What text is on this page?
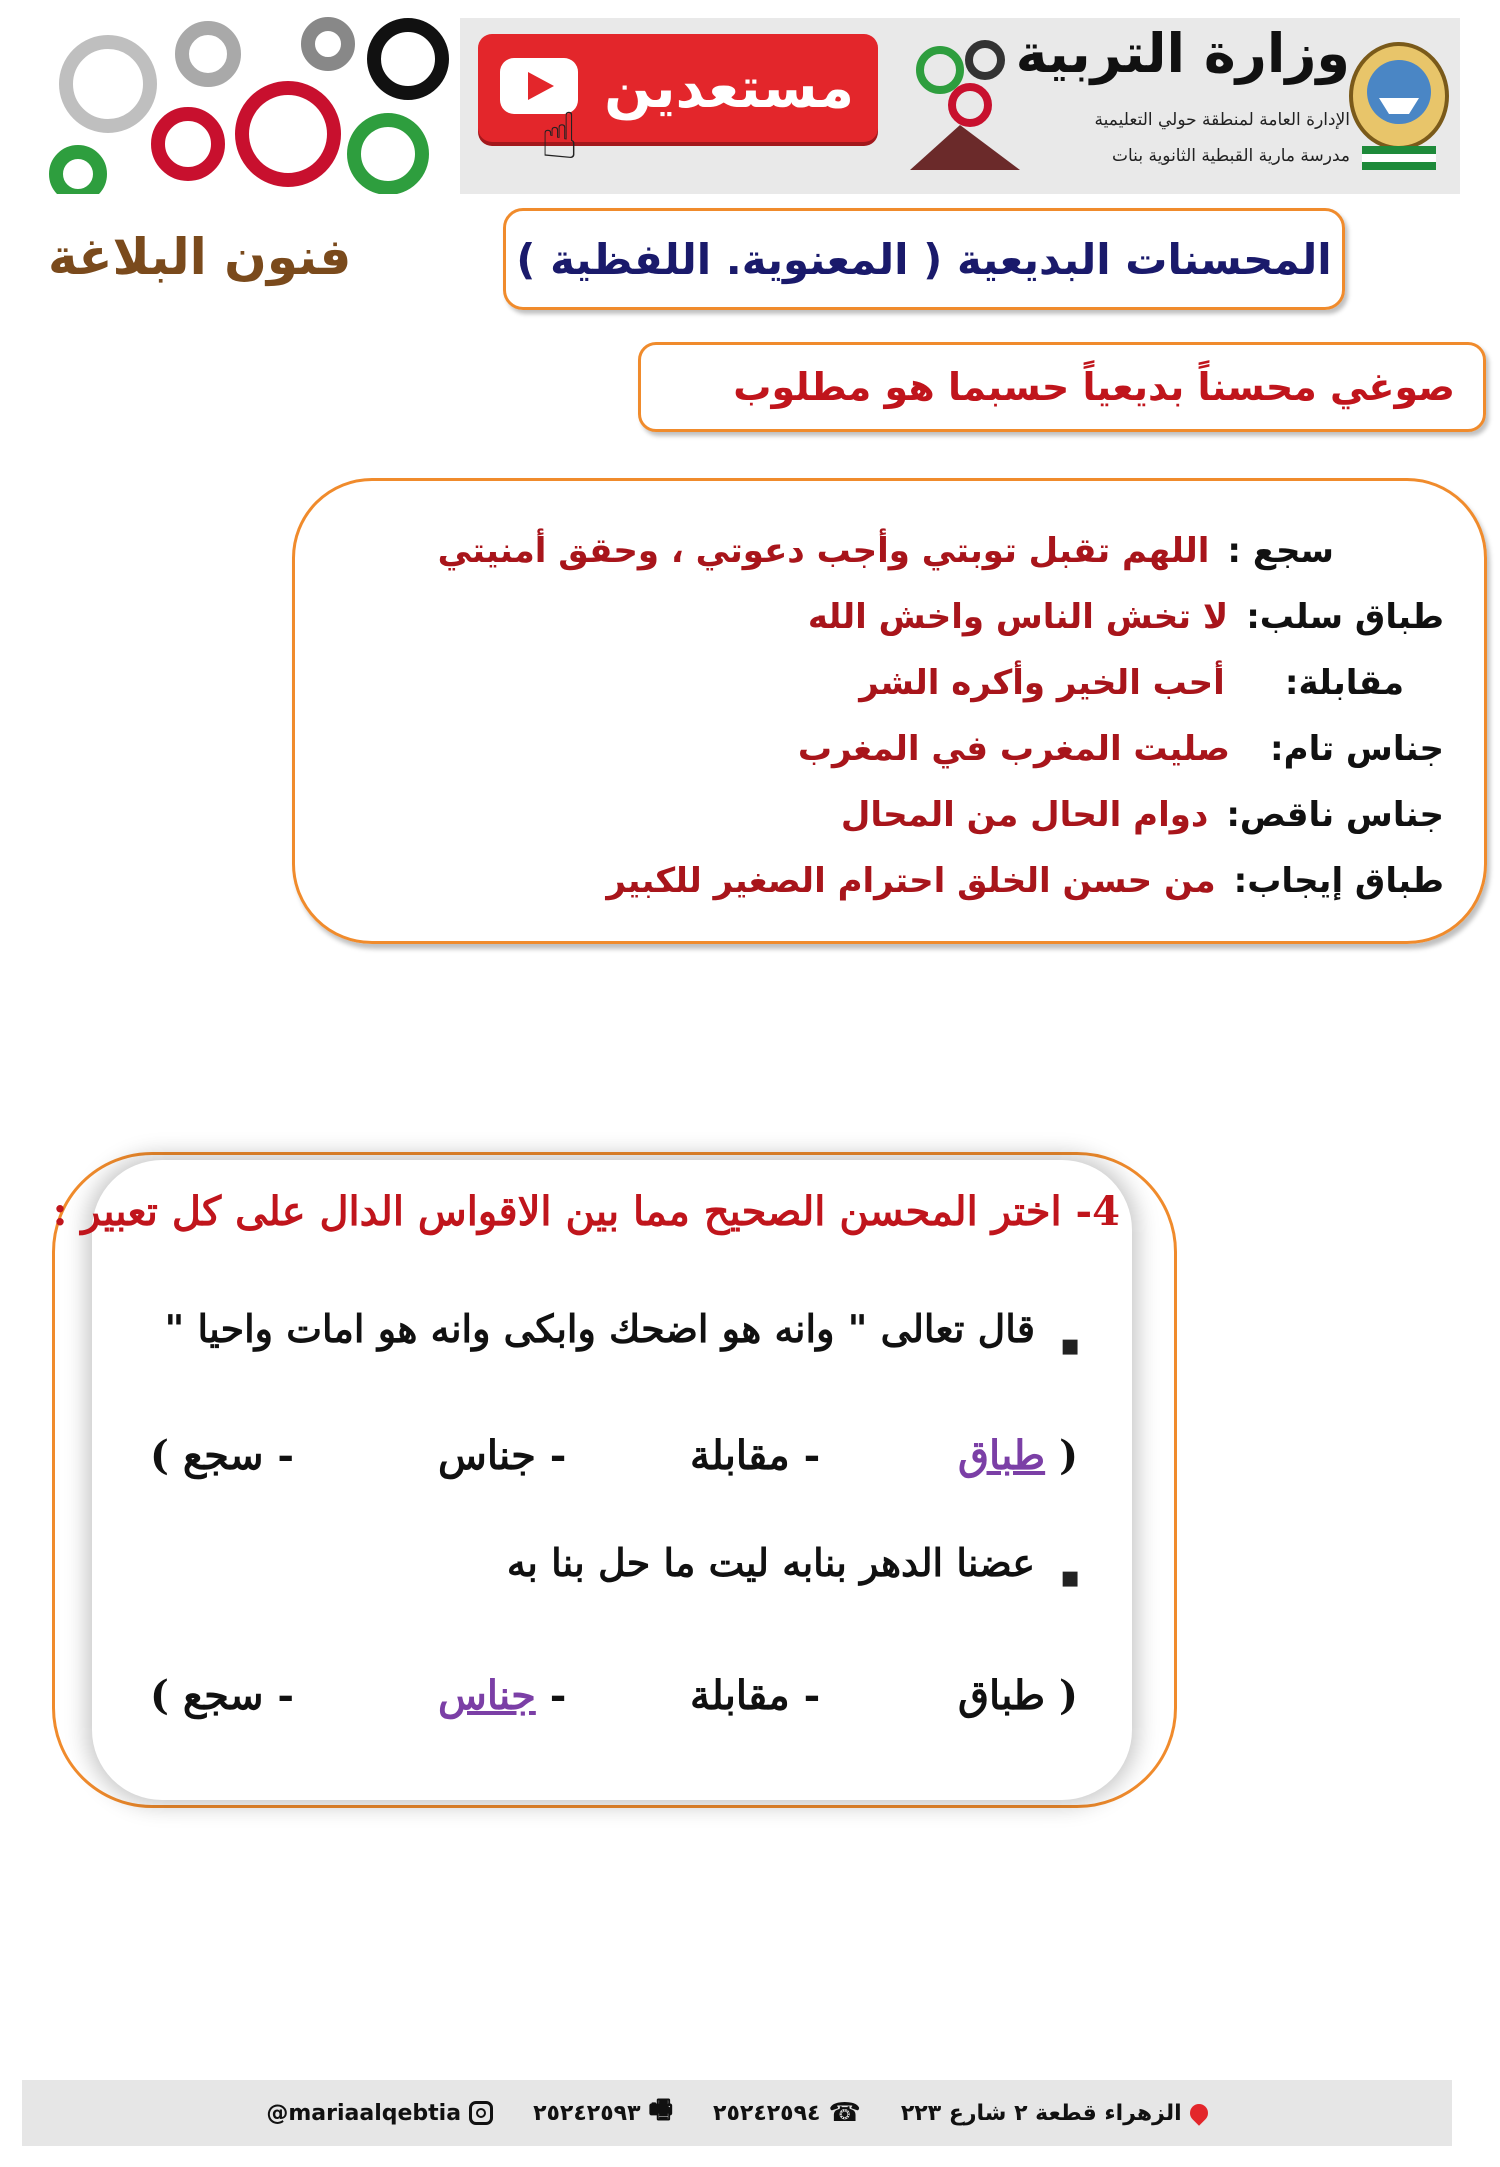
مستعدين
☝
وزارة التربية
الإدارة العامة لمنطقة حولي التعليمية
مدرسة مارية القبطية الثانوية بنات
فنون البلاغة	المحسنات البديعية ( المعنوية. اللفظية )
صوغي محسناً بديعياً حسبما هو مطلوب
سجع :
اللهم تقبل توبتي وأجب دعوتي ، وحقق أمنيتي
طباق سلب:
لا تخش الناس واخش الله
مقابلة:
أحب الخير وأكره الشر
جناس تام:
صليت المغرب في المغرب
جناس ناقص:
دوام الحال من المحال
طباق إيجاب:
من حسن الخلق احترام الصغير للكبير
4- اختر المحسن الصحيح مما بين الاقواس الدال على كل تعبير :
▪
قال تعالى " وانه هو اضحك وابكى وانه هو امات واحيا "
( طباق
- مقابلة
- جناس
- سجع )
▪
عضنا الدهر بنابه ليت ما حل بنا به
( طباق
- مقابلة
- جناس
- سجع )
الزهراء قطعة ٢ شارع ٢٢٣
☎
٢٥٢٤٢٥٩٤
🖷
٢٥٢٤٢٥٩٣
@mariaalqebtia
